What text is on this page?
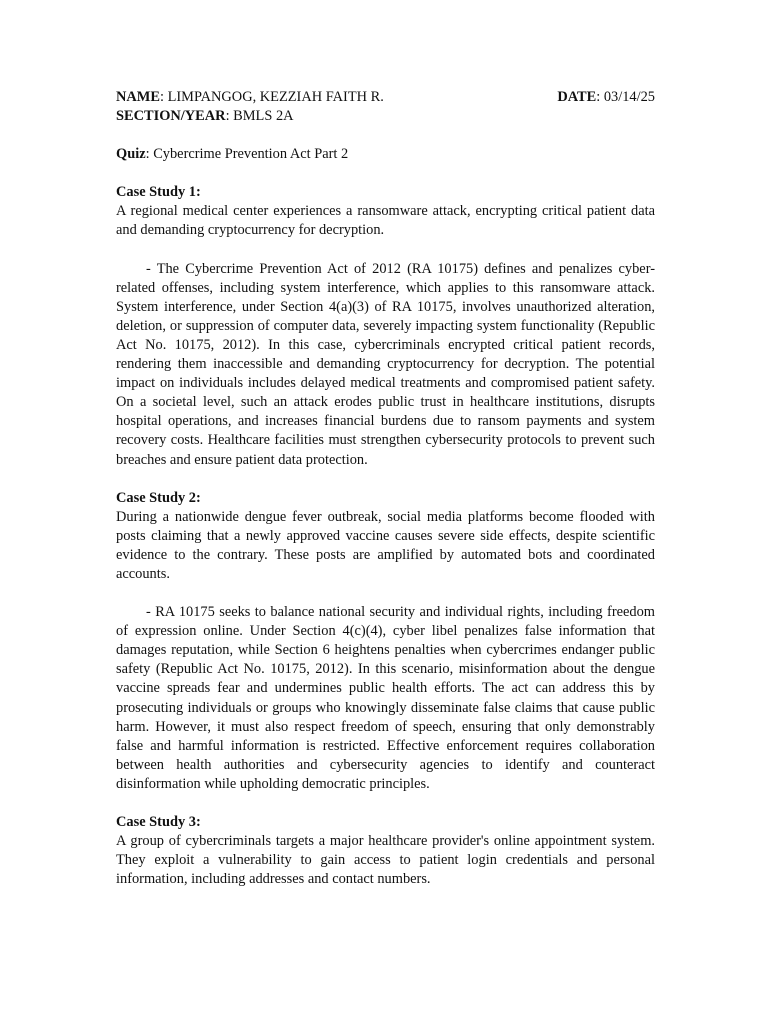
NAME: LIMPANGOG, KEZZIAH FAITH R.	DATE: 03/14/25
SECTION/YEAR: BMLS 2A
Quiz: Cybercrime Prevention Act Part 2
Case Study 1:

A regional medical center experiences a ransomware attack, encrypting critical patient data and demanding cryptocurrency for decryption.

- The Cybercrime Prevention Act of 2012 (RA 10175) defines and penalizes cyber-related offenses, including system interference, which applies to this ransomware attack. System interference, under Section 4(a)(3) of RA 10175, involves unauthorized alteration, deletion, or suppression of computer data, severely impacting system functionality (Republic Act No. 10175, 2012). In this case, cybercriminals encrypted critical patient records, rendering them inaccessible and demanding cryptocurrency for decryption. The potential impact on individuals includes delayed medical treatments and compromised patient safety. On a societal level, such an attack erodes public trust in healthcare institutions, disrupts hospital operations, and increases financial burdens due to ransom payments and system recovery costs. Healthcare facilities must strengthen cybersecurity protocols to prevent such breaches and ensure patient data protection.

Case Study 2:

During a nationwide dengue fever outbreak, social media platforms become flooded with posts claiming that a newly approved vaccine causes severe side effects, despite scientific evidence to the contrary. These posts are amplified by automated bots and coordinated accounts.

- RA 10175 seeks to balance national security and individual rights, including freedom of expression online. Under Section 4(c)(4), cyber libel penalizes false information that damages reputation, while Section 6 heightens penalties when cybercrimes endanger public safety (Republic Act No. 10175, 2012). In this scenario, misinformation about the dengue vaccine spreads fear and undermines public health efforts. The act can address this by prosecuting individuals or groups who knowingly disseminate false claims that cause public harm. However, it must also respect freedom of speech, ensuring that only demonstrably false and harmful information is restricted. Effective enforcement requires collaboration between health authorities and cybersecurity agencies to identify and counteract disinformation while upholding democratic principles.

Case Study 3:

A group of cybercriminals targets a major healthcare provider's online appointment system. They exploit a vulnerability to gain access to patient login credentials and personal information, including addresses and contact numbers.
